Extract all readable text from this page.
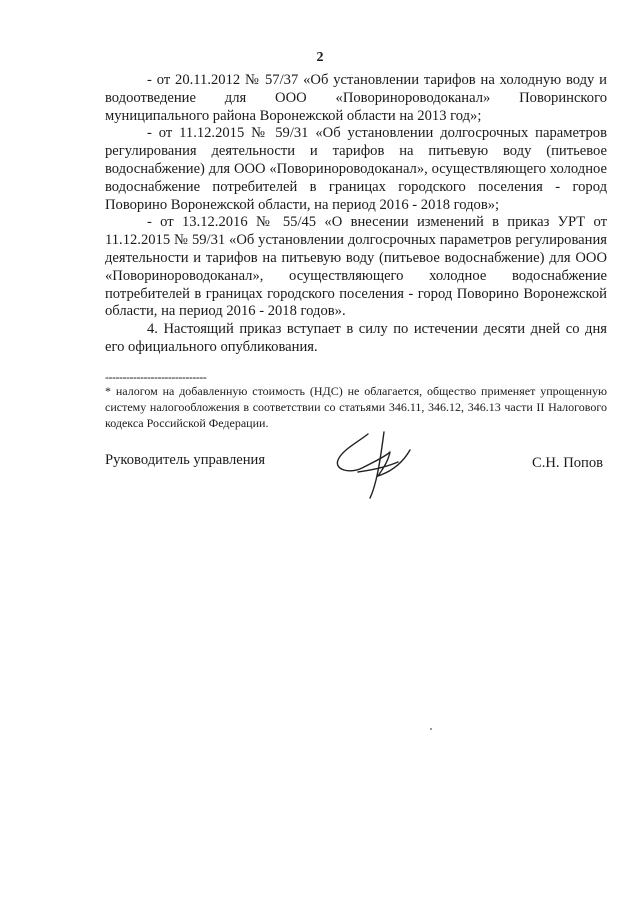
2

- от 20.11.2012 № 57/37 «Об установлении тарифов на холодную воду и водоотведение для ООО «Поворинороводоканал» Поворинского муниципального района Воронежской области на 2013 год»;

- от 11.12.2015 № 59/31 «Об установлении долгосрочных параметров регулирования деятельности и тарифов на питьевую воду (питьевое водоснабжение) для ООО «Поворинороводоканал», осуществляющего холодное водоснабжение потребителей в границах городского поселения - город Поворино Воронежской области, на период 2016 - 2018 годов»;

- от 13.12.2016 № 55/45 «О внесении изменений в приказ УРТ от 11.12.2015 № 59/31 «Об установлении долгосрочных параметров регулирования деятельности и тарифов на питьевую воду (питьевое водоснабжение) для ООО «Поворинороводоканал», осуществляющего холодное водоснабжение потребителей в границах городского поселения - город Поворино Воронежской области, на период 2016 - 2018 годов».

4. Настоящий приказ вступает в силу по истечении десяти дней со дня его официального опубликования.

-----------------------------
* налогом на добавленную стоимость (НДС) не облагается, общество применяет упрощенную систему налогообложения в соответствии со статьями 346.11, 346.12, 346.13 части II Налогового кодекса Российской Федерации.
Руководитель управления	С.Н. Попов
